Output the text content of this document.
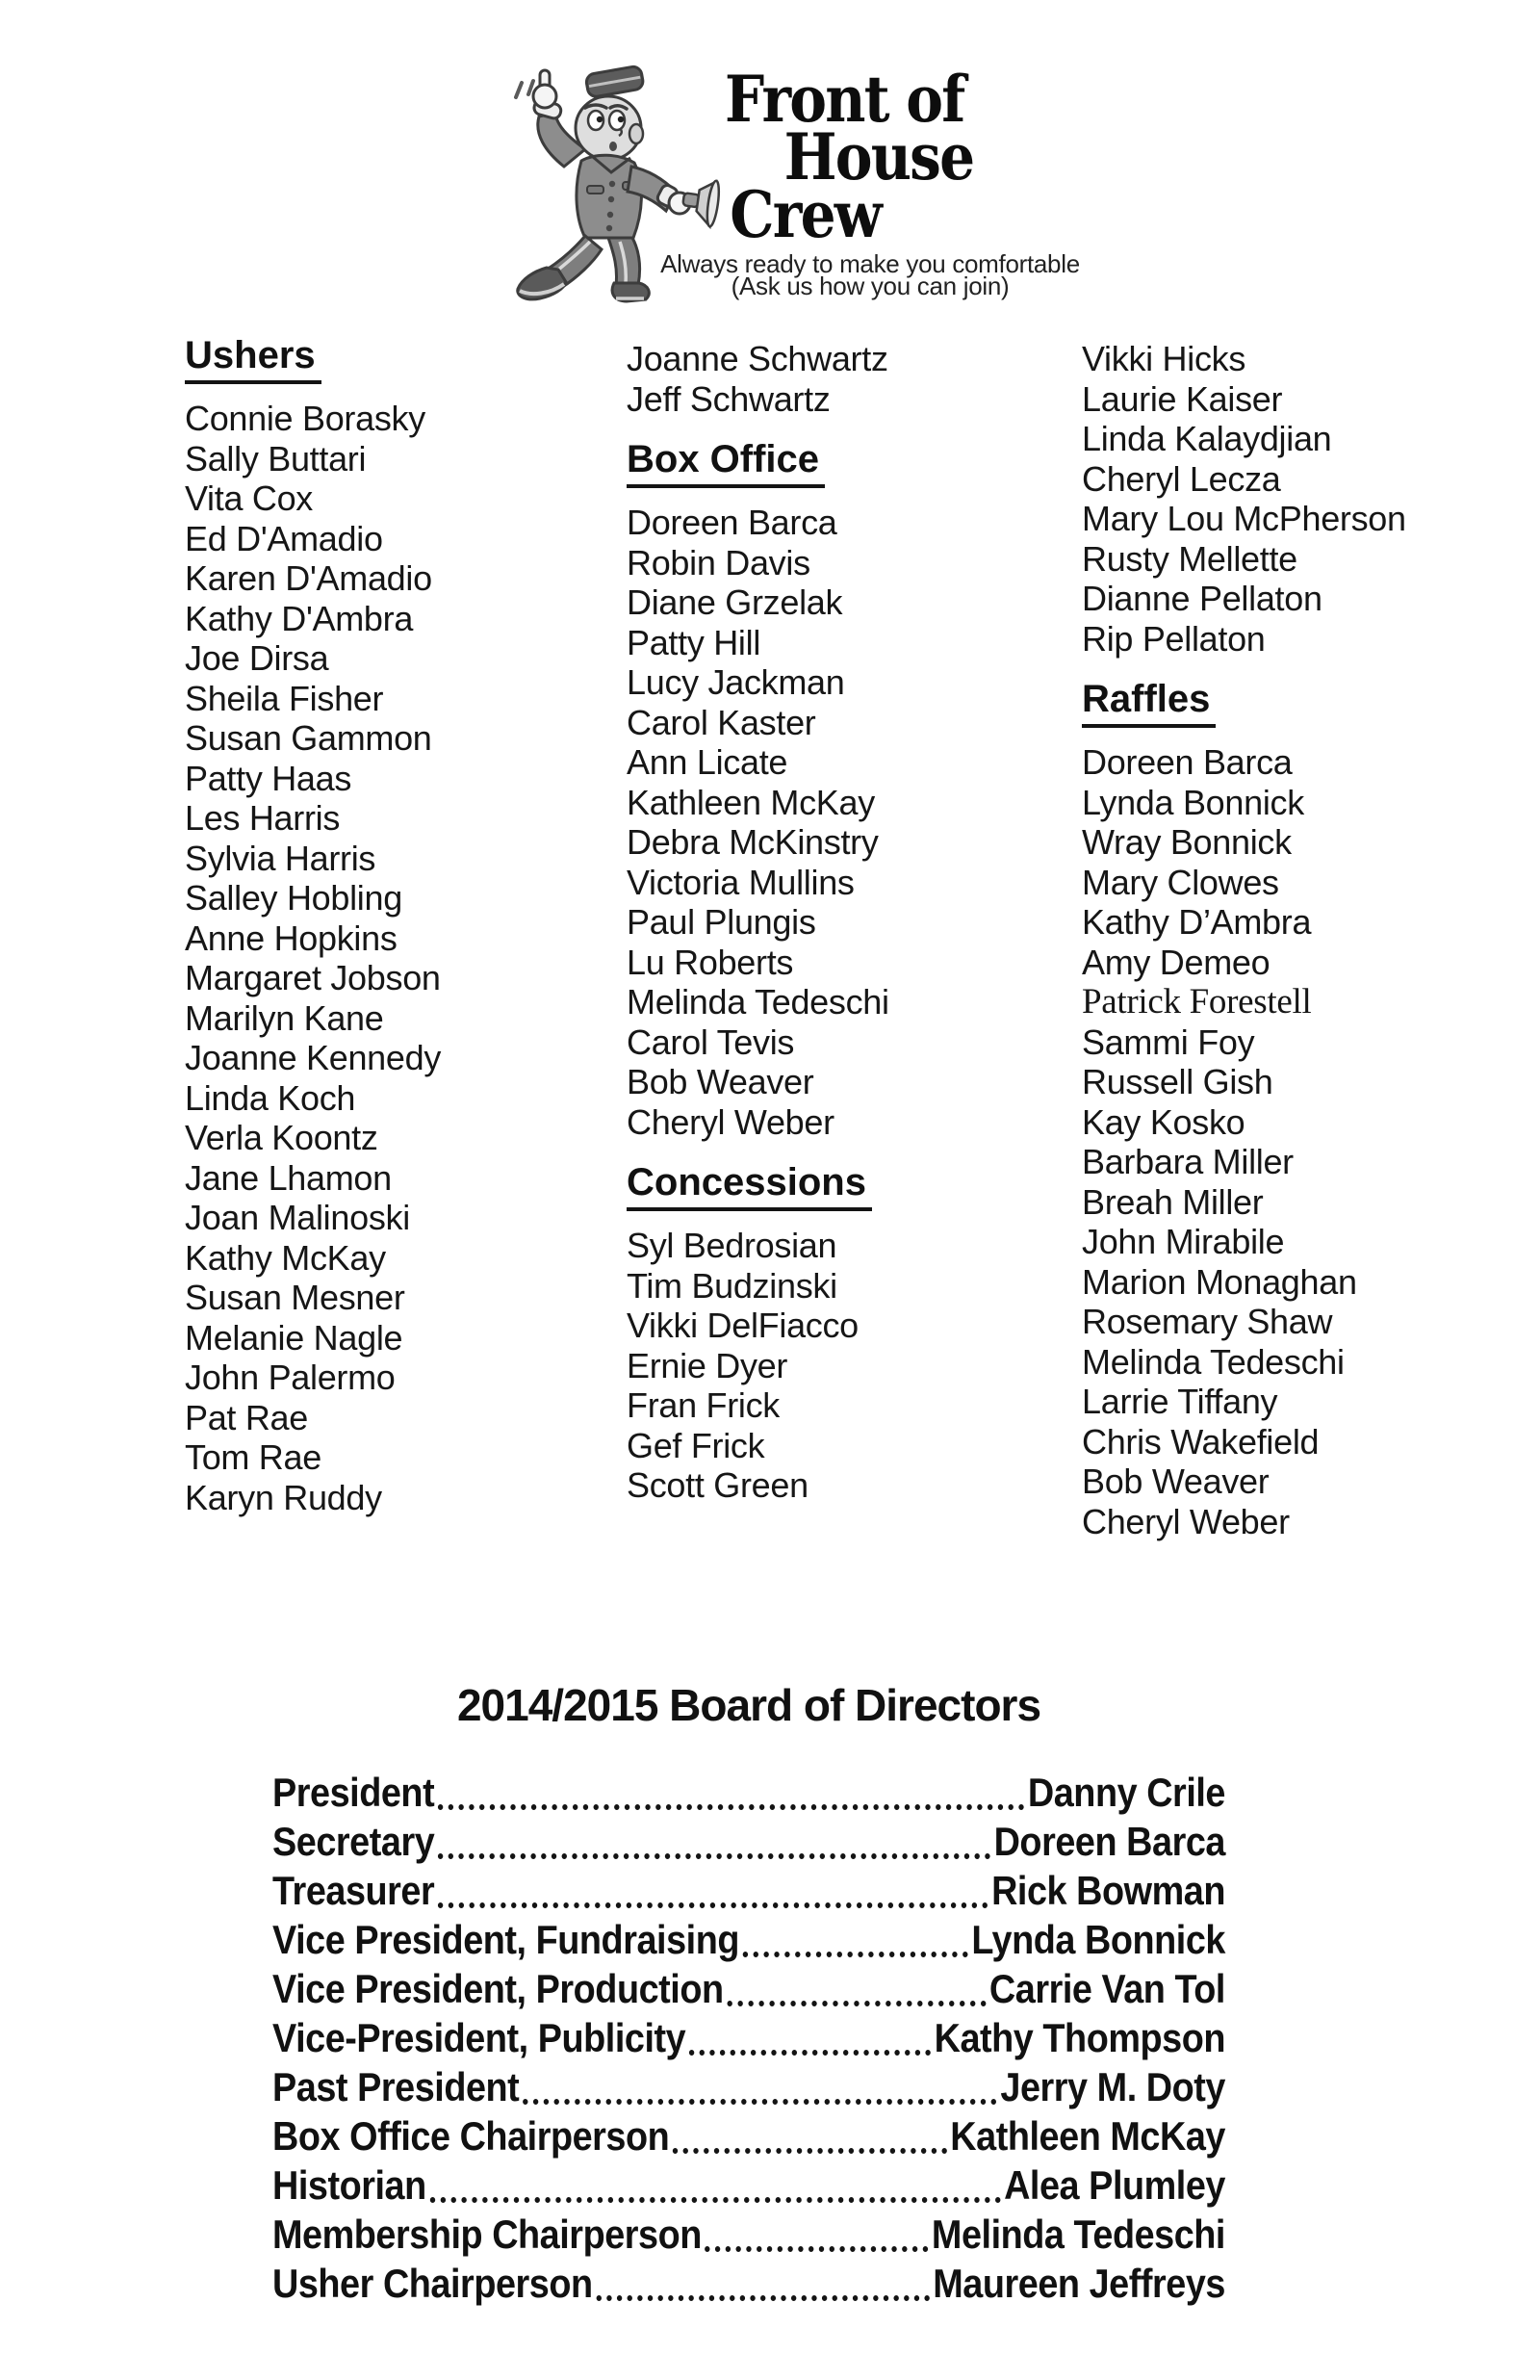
Front of
House
Crew
Always ready to make you comfortable
(Ask us how you can join)
Ushers
Connie Borasky
Sally Buttari
Vita Cox
Ed D'Amadio
Karen D'Amadio
Kathy D'Ambra
Joe Dirsa
Sheila Fisher
Susan Gammon
Patty Haas
Les Harris
Sylvia Harris
Salley Hobling
Anne Hopkins
Margaret Jobson
Marilyn Kane
Joanne Kennedy
Linda Koch
Verla Koontz
Jane Lhamon
Joan Malinoski
Kathy McKay
Susan Mesner
Melanie Nagle
John Palermo
Pat Rae
Tom Rae
Karyn Ruddy
Joanne Schwartz
Jeff Schwartz
Box Office
Doreen Barca
Robin Davis
Diane Grzelak
Patty Hill
Lucy Jackman
Carol Kaster
Ann Licate
Kathleen McKay
Debra McKinstry
Victoria Mullins
Paul Plungis
Lu Roberts
Melinda Tedeschi
Carol Tevis
Bob Weaver
Cheryl Weber
Concessions
Syl Bedrosian
Tim Budzinski
Vikki DelFiacco
Ernie Dyer
Fran Frick
Gef Frick
Scott Green
Vikki Hicks
Laurie Kaiser
Linda Kalaydjian
Cheryl Lecza
Mary Lou McPherson
Rusty Mellette
Dianne Pellaton
Rip Pellaton
Raffles
Doreen Barca
Lynda Bonnick
Wray Bonnick
Mary Clowes
Kathy D’Ambra
Amy Demeo
Patrick Forestell
Sammi Foy
Russell Gish
Kay Kosko
Barbara Miller
Breah Miller
John Mirabile
Marion Monaghan
Rosemary Shaw
Melinda Tedeschi
Larrie Tiffany
Chris Wakefield
Bob Weaver
Cheryl Weber
2014/2015 Board of Directors
President	Danny Crile
Secretary	Doreen Barca
Treasurer	Rick Bowman
Vice President, Fundraising	Lynda Bonnick
Vice President, Production	Carrie Van Tol
Vice-President, Publicity	Kathy Thompson
Past President	Jerry M. Doty
Box Office Chairperson	Kathleen McKay
Historian	Alea Plumley
Membership Chairperson	Melinda Tedeschi
Usher Chairperson	Maureen Jeffreys
